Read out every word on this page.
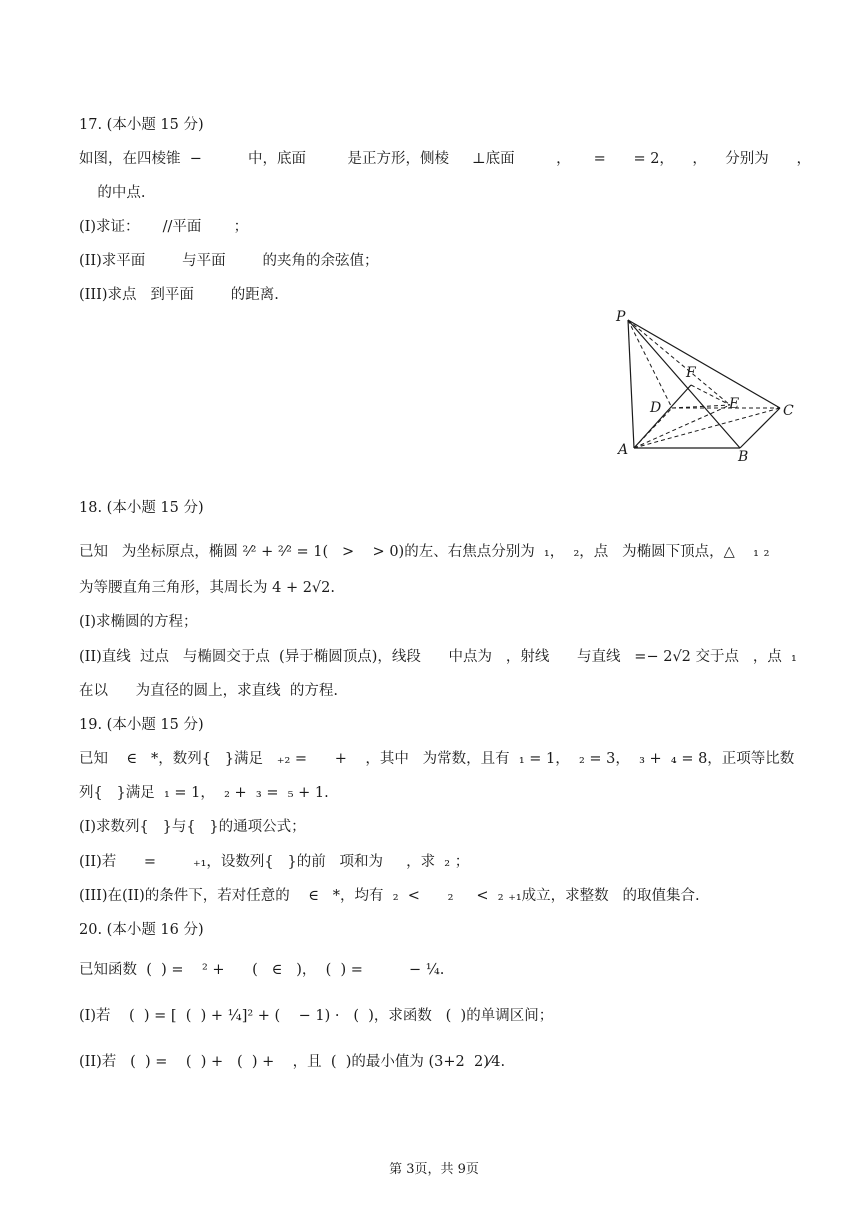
17. (本小题 15 分)
如图，在四棱锥  −          中，底面         是正方形，侧棱     ⊥底面         ，     =      = 2，    ，    分别为      ，
的中点.
(I)求证：     //平面       ；
(II)求平面        与平面        的夹角的余弦值；
(III)求点   到平面        的距离.
P
F
D	E	C
A	B
18. (本小题 15 分)
已知   为坐标原点，椭圆 ²⁄² + ²⁄² = 1(   >    > 0)的左、右焦点分别为  ₁，  ₂，点   为椭圆下顶点，△    ₁ ₂
为等腰直角三角形，其周长为 4 + 2√2.
(I)求椭圆的方程；
(II)直线  过点   与椭圆交于点  (异于椭圆顶点)，线段      中点为   ，射线      与直线   =− 2√2 交于点   ，点  ₁
在以      为直径的圆上，求直线  的方程.
19. (本小题 15 分)
已知    ∈   *，数列{   }满足   ₊₂ =      +    ，其中   为常数，且有  ₁ = 1，  ₂ = 3，  ₃ +  ₄ = 8，正项等比数
列{   }满足  ₁ = 1，  ₂ +  ₃ =  ₅ + 1.
(I)求数列{   }与{   }的通项公式；
(II)若      =        ₊₁，设数列{   }的前   项和为     ，求  ₂ ；
(III)在(II)的条件下，若对任意的    ∈   *，均有  ₂  <      ₂     <  ₂ ₊₁成立，求整数   的取值集合.
20. (本小题 16 分)
已知函数  (  ) =    ² +      (   ∈   )，  (  ) =          − ¼.
(I)若    (  ) = [  (  ) + ¼]² + (    − 1) ·   (  )，求函数   (  )的单调区间；
(II)若   (  ) =    (  ) +   (  ) +    ，且  (  )的最小值为 (3+2  2)⁄4.
第 3页，共 9页
